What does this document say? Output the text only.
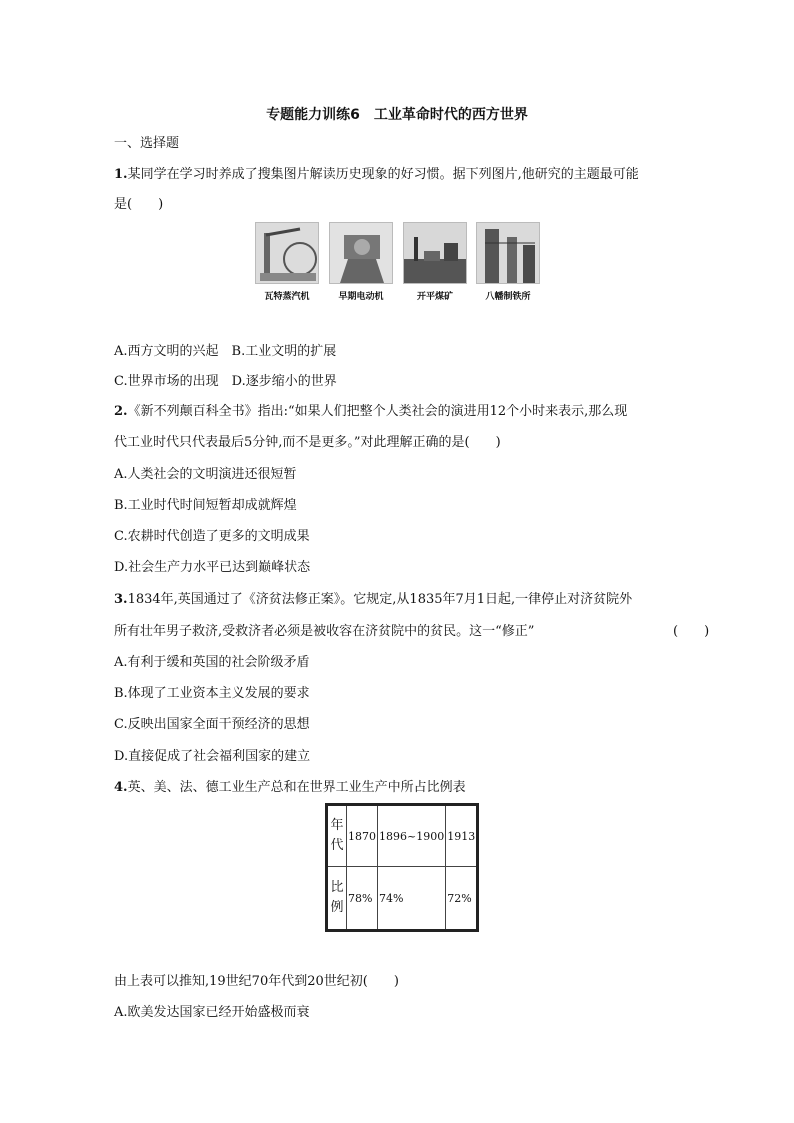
专题能力训练6　工业革命时代的西方世界
一、选择题
1.某同学在学习时养成了搜集图片解读历史现象的好习惯。据下列图片,他研究的主题最可能
是(　　)
瓦特蒸汽机	早期电动机	开平煤矿	八幡制铁所
A.西方文明的兴起　B.工业文明的扩展
C.世界市场的出现　D.逐步缩小的世界
2.《新不列颠百科全书》指出:“如果人们把整个人类社会的演进用12个小时来表示,那么现
代工业时代只代表最后5分钟,而不是更多。”对此理解正确的是(　　)
A.人类社会的文明演进还很短暂
B.工业时代时间短暂却成就辉煌
C.农耕时代创造了更多的文明成果
D.社会生产力水平已达到巅峰状态
3.1834年,英国通过了《济贫法修正案》。它规定,从1835年7月1日起,一律停止对济贫院外
所有壮年男子救济,受救济者必须是被收容在济贫院中的贫民。这一“修正”	(　　)
A.有利于缓和英国的社会阶级矛盾
B.体现了工业资本主义发展的要求
C.反映出国家全面干预经济的思想
D.直接促成了社会福利国家的建立
4.英、美、法、德工业生产总和在世界工业生产中所占比例表
年代	1870	1896~1900	1913
比例	78%	74%	72%
由上表可以推知,19世纪70年代到20世纪初(　　)
A.欧美发达国家已经开始盛极而衰
